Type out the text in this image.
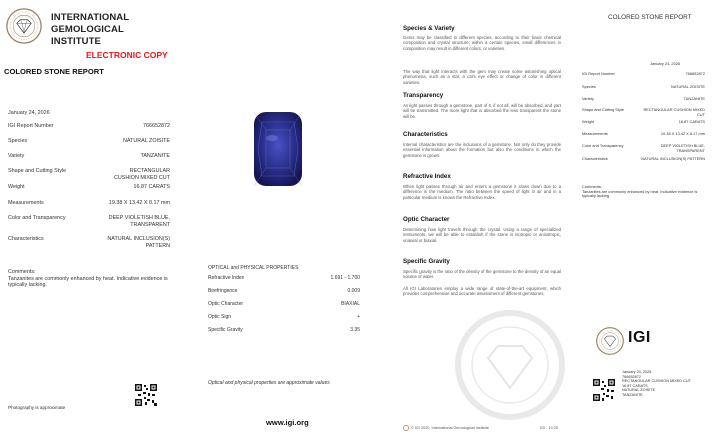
INTERNATIONAL
GEMOLOGICAL
INSTITUTE
ELECTRONIC COPY
COLORED STONE REPORT
January 24, 2026
IGI Report Number	766652872
Species	NATURAL ZOISITE
Variety	TANZANITE
Shape and Cutting Style	RECTANGULAR CUSHION MIXED CUT
Weight	16.87 CARATS
Measurements	19.38 X 13.42 X 8.17 mm
Color and Transparency	DEEP VIOLETISH BLUE, TRANSPARENT
Characteristics	NATURAL INCLUSION(S) PATTERN
Comments:
Tanzanites are commonly enhanced by heat. Indicative evidence is typically lacking.
Photography is approximate
OPTICAL and PHYSICAL PROPERTIES
Refractive Index	1.691 - 1.700
Birefringence	0.009
Optic Character	BIAXIAL
Optic Sign	+
Specific Gravity	3.35
Optical and physical properties are approximate values
www.igi.org
Species & Variety
Gems may be classified in different species, according to their basic chemical composition and crystal structure; within a certain species, small differences in composition may result in different colors, or varieties.
The way that light interacts with the gem may create some astonishing optical phenomena, such as a star, a cat's eye effect or change of color in different varieties.
Transparency
As light passes through a gemstone, part of it, if not all, will be absorbed, and part will be transmitted. The more light that is absorbed the less transparent the stone will be.
Characteristics
Internal characteristics are the inclusions of a gemstone. Not only do they provide essential information about the formation but also the conditions in which the gemstone is grown.
Refractive Index
When light passes through air and enters a gemstone it slows down due to a difference in the medium. The ratio between the speed of light in air and in a particular medium is known the Refractive Index.
Optic Character
Determining how light travels through the crystal. Using a range of specialized instruments, we will be able to establish if the stone is isotropic or anisotropic, uniaxial or biaxial.
Specific Gravity
Specific gravity is the ratio of the density of the gemstone to the density of an equal volume of water.
All IGI Laboratories employ a wide range of state-of-the-art equipment, which provides comprehensive and accurate assessment of different gemstones.
© IGI 2020, International Gemological Institute	IGI - 10 20
COLORED STONE REPORT
January 24, 2026
IGI Report Number	766652872
Species	NATURAL ZOISITE
Variety	TANZANITE
Shape and Cutting Style	RECTANGULAR CUSHION MIXED CUT
Weight	16.87 CARATS
Measurements	19.38 X 13.42 X 8.17 mm
Color and Transparency	DEEP VIOLETISH BLUE, TRANSPARENT
Characteristics	NATURAL INCLUSION(S) PATTERN
Comments:
Tanzanites are commonly enhanced by heat. Indicative evidence is typically lacking.
IGI
January 24, 2026
766652872
RECTANGULAR CUSHION MIXED CUT
16.87 CARATS
NATURAL ZOISITE
TANZANITE
